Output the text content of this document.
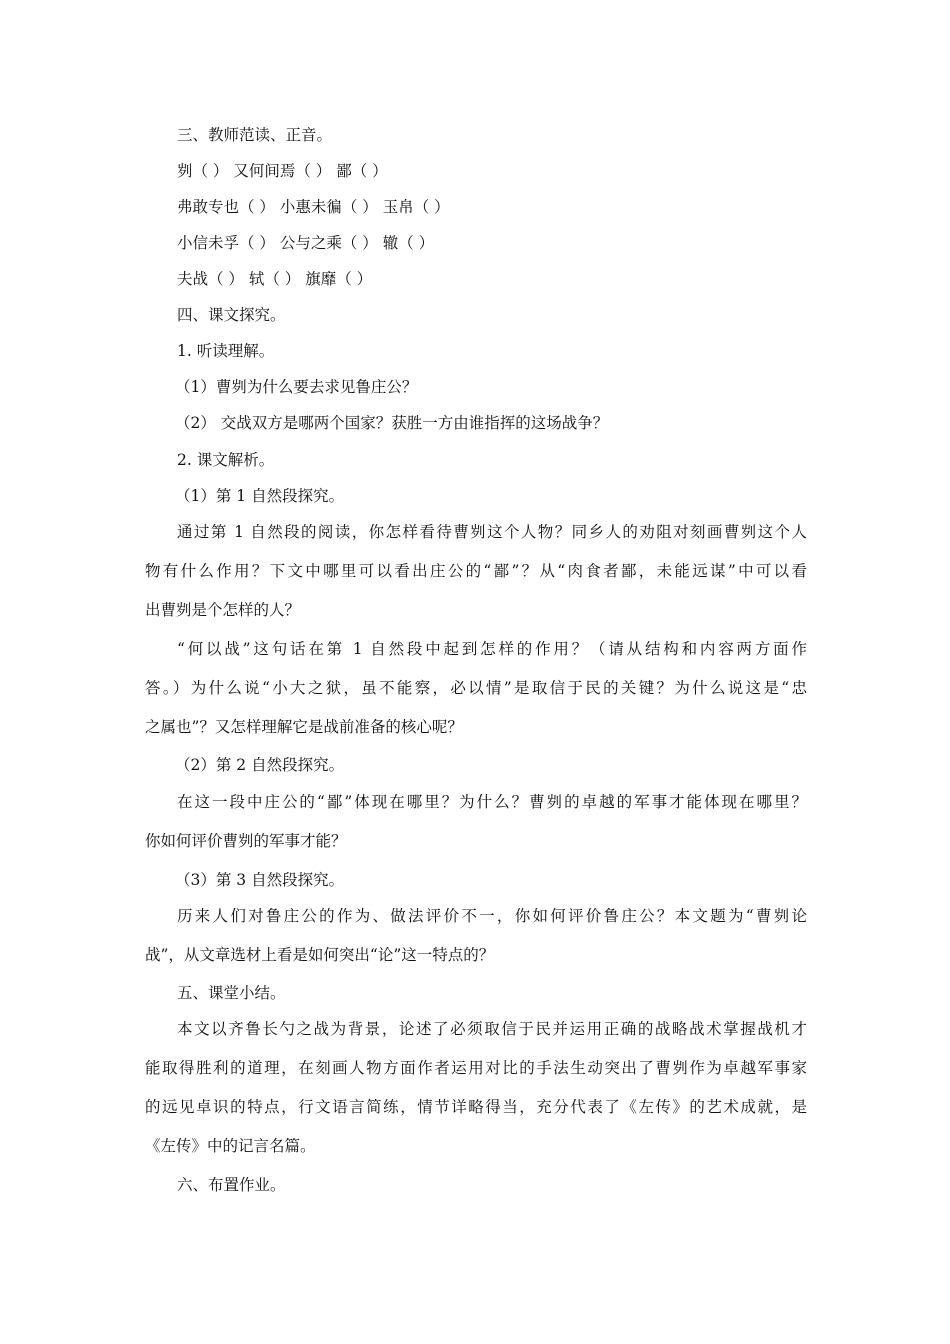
三、教师范读、正音。
刿（ ） 又何间焉（ ） 鄙（ ）
弗敢专也（ ） 小惠未徧（ ） 玉帛（ ）
小信未孚（ ） 公与之乘（ ） 辙（ ）
夫战（ ） 轼（ ） 旗靡（ ）
四、课文探究。
1. 听读理解。
（1）曹刿为什么要去求见鲁庄公？
（2） 交战双方是哪两个国家？获胜一方由谁指挥的这场战争？
2. 课文解析。
（1）第 1 自然段探究。
通过第 1 自然段的阅读，你怎样看待曹刿这个人物？同乡人的劝阻对刻画曹刿这个人
物有什么作用？下文中哪里可以看出庄公的“鄙”？从“肉食者鄙，未能远谋”中可以看
出曹刿是个怎样的人？
“何以战”这句话在第 1 自然段中起到怎样的作用？（请从结构和内容两方面作
答。）为什么说“小大之狱，虽不能察，必以情”是取信于民的关键？为什么说这是“忠
之属也”？又怎样理解它是战前准备的核心呢？
（2）第 2 自然段探究。
在这一段中庄公的“鄙”体现在哪里？为什么？曹刿的卓越的军事才能体现在哪里？
你如何评价曹刿的军事才能？
（3）第 3 自然段探究。
历来人们对鲁庄公的作为、做法评价不一，你如何评价鲁庄公？本文题为“曹刿论
战”，从文章选材上看是如何突出“论”这一特点的？
五、课堂小结。
本文以齐鲁长勺之战为背景，论述了必须取信于民并运用正确的战略战术掌握战机才
能取得胜利的道理，在刻画人物方面作者运用对比的手法生动突出了曹刿作为卓越军事家
的远见卓识的特点，行文语言简练，情节详略得当，充分代表了《左传》的艺术成就，是
《左传》中的记言名篇。
六、布置作业。
